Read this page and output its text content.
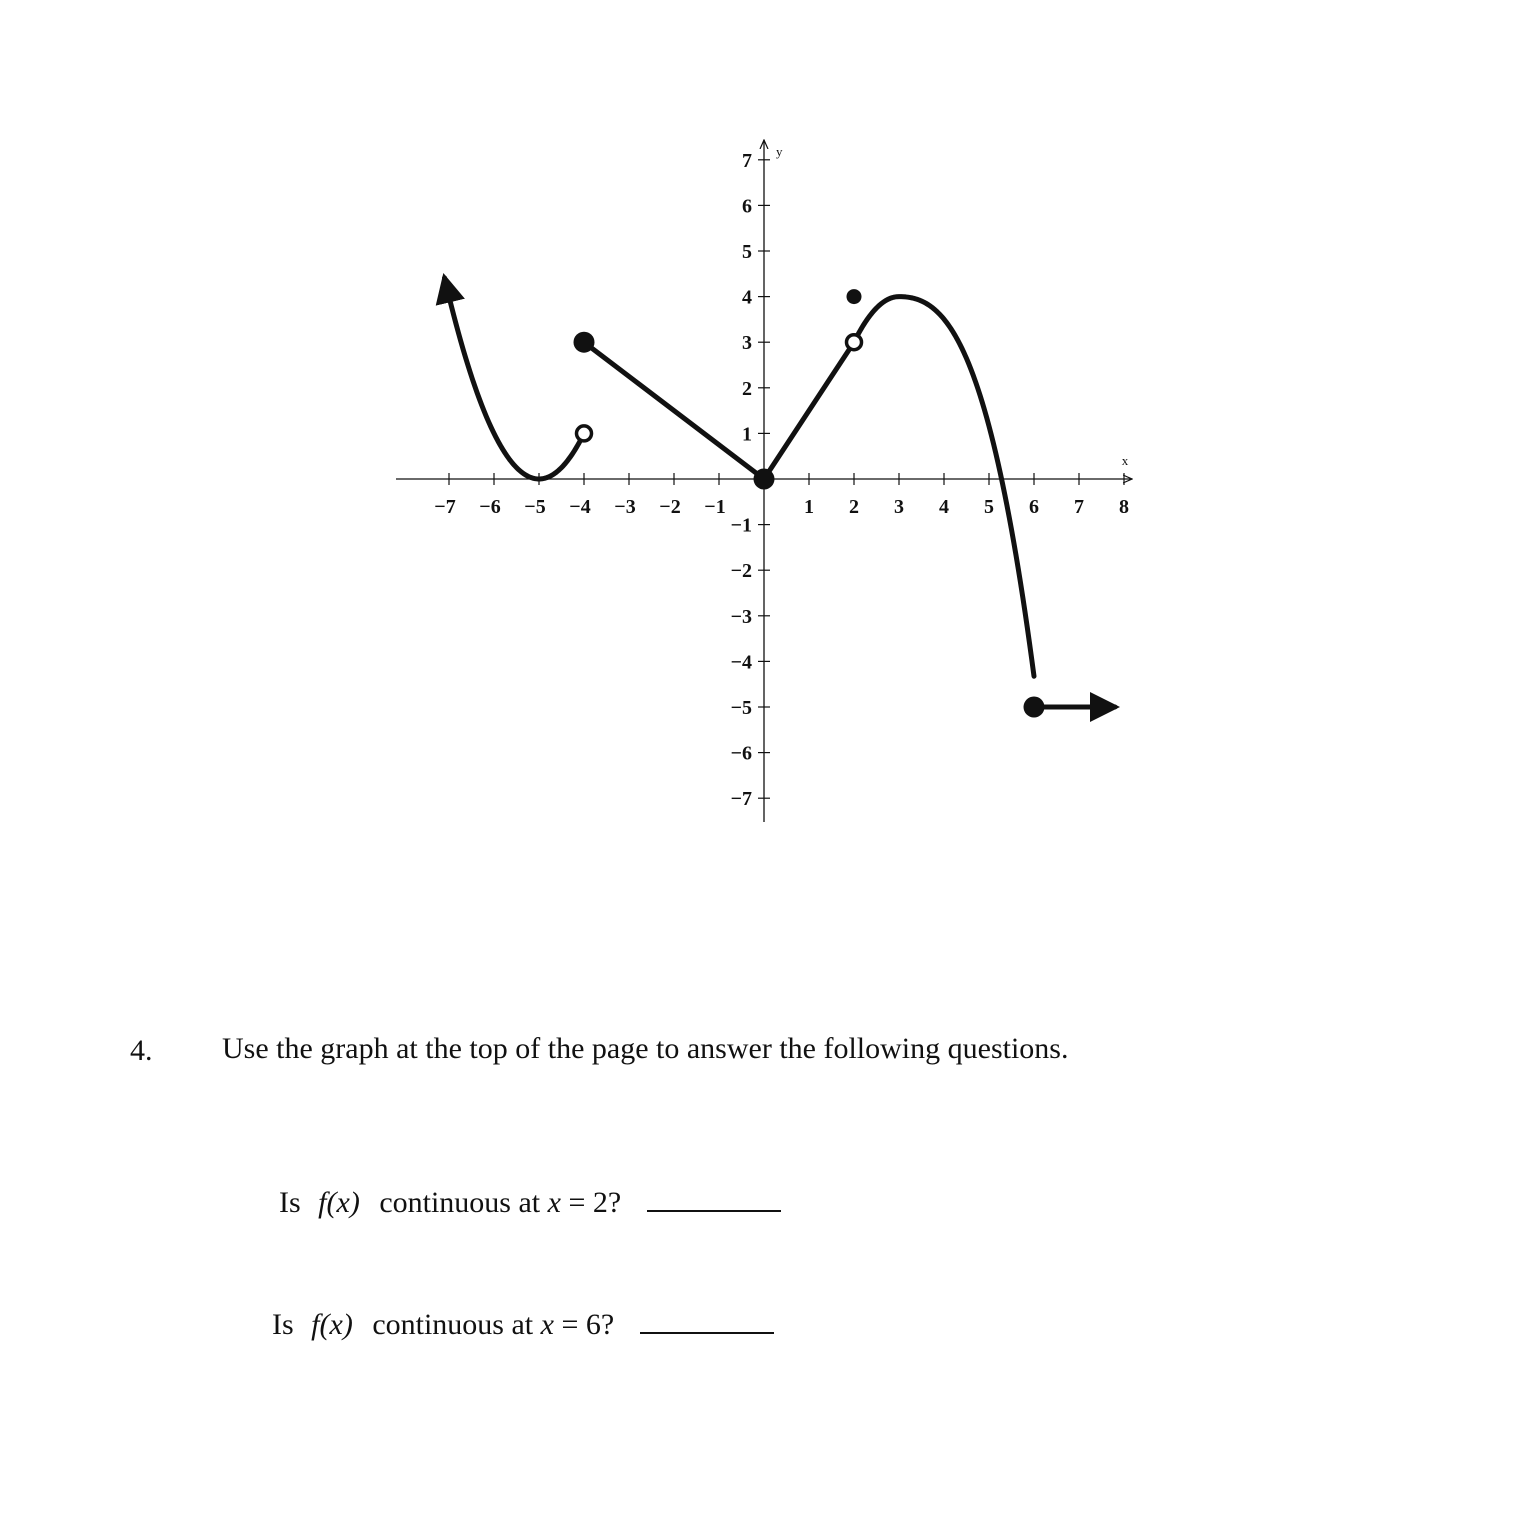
−7 −6 −5 −4 −3 −2 −1	1 2 3 4 5 6 7 8
7
6
5
4
3
2
1
−1
−2
−3
−4
−5
−6
−7
x
y
4. Use the graph at the top of the page to answer the following questions.
Is f(x) continuous at x = 2?
Is f(x) continuous at x = 6?
